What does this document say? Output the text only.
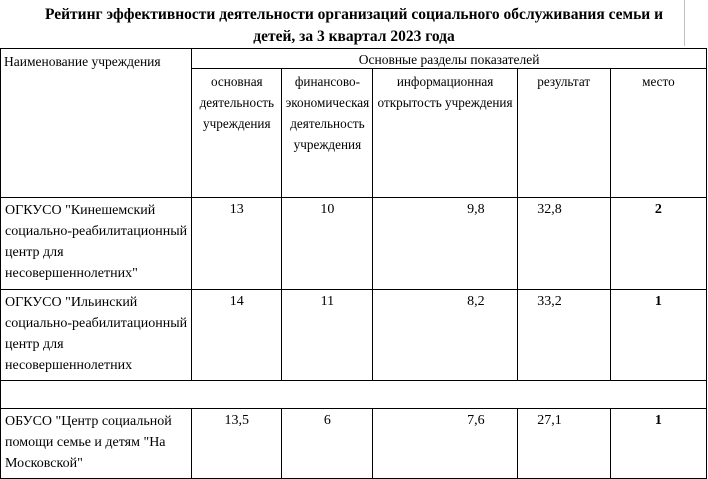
Рейтинг эффективности деятельности организаций социального обслуживания семьи и
детей, за 3 квартал 2023 года
Наименование учреждения	Основные разделы показателей				
	основная деятельность учреждения	финансово-экономическая деятельность учреждения	информационная открытость учреждения	результат	место
ОГКУСО "Кинешемский социально-реабилитационный центр для несовершеннолетних"	13	10	9,8	32,8	2
ОГКУСО "Ильинский социально-реабилитационный центр для несовершеннолетних	14	11	8,2	33,2	1

ОБУСО "Центр социальной помощи семье и детям "На Московской"	13,5	6	7,6	27,1	1
